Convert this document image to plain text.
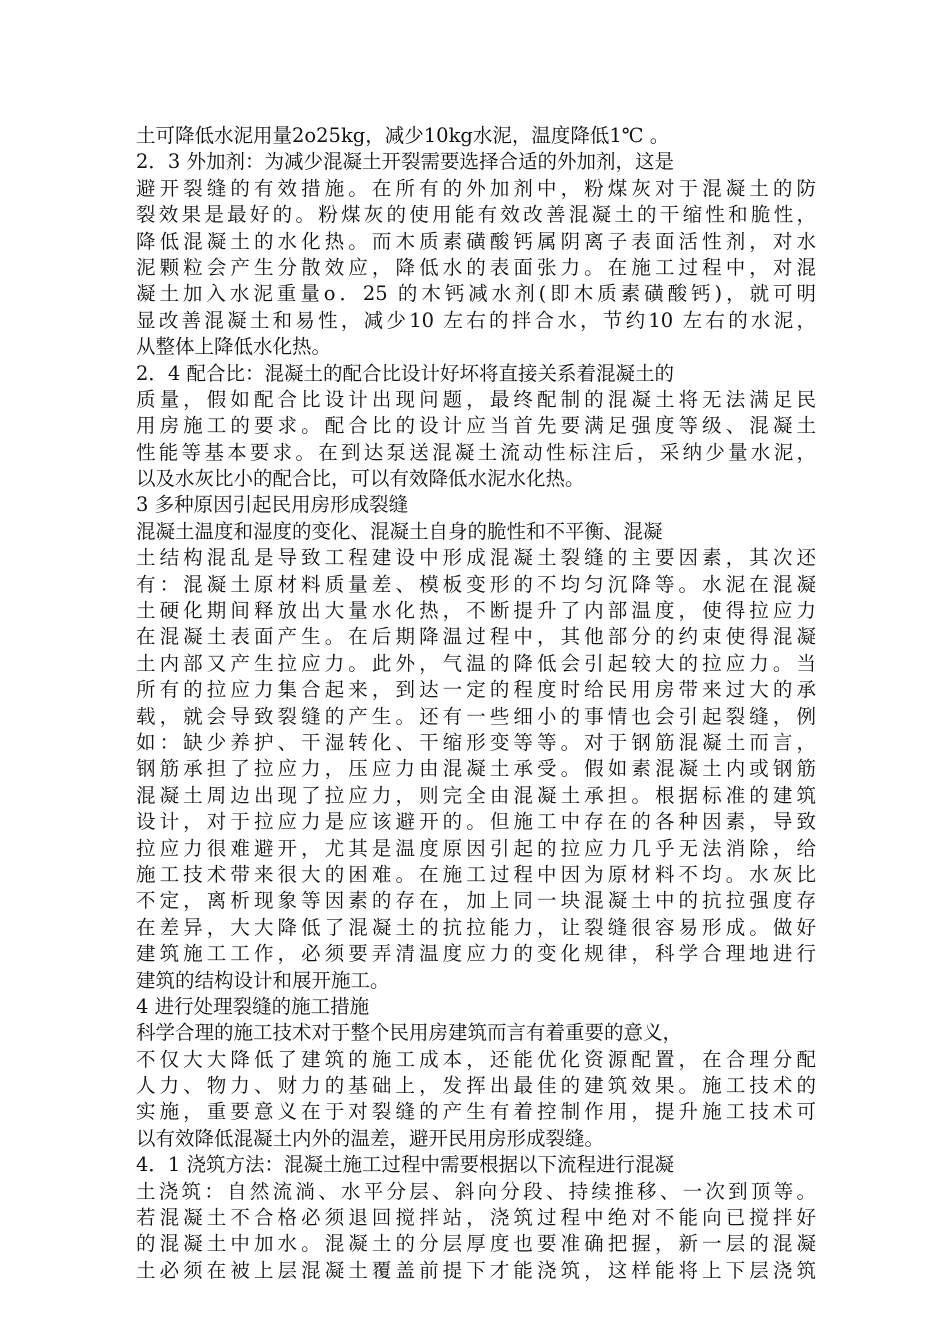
土可降低水泥用量2o25kg，减少10kg水泥，温度降低1℃ 。
2．3 外加剂：为减少混凝土开裂需要选择合适的外加剂，这是
避开裂缝的有效措施。在所有的外加剂中，粉煤灰对于混凝土的防
裂效果是最好的。粉煤灰的使用能有效改善混凝土的干缩性和脆性，
降低混凝土的水化热。而木质素磺酸钙属阴离子表面活性剂，对水
泥颗粒会产生分散效应，降低水的表面张力。在施工过程中，对混
凝土加入水泥重量o．25 的木钙减水剂(即木质素磺酸钙)，就可明
显改善混凝土和易性，减少10 左右的拌合水，节约10 左右的水泥，
从整体上降低水化热。
2．4 配合比：混凝土的配合比设计好坏将直接关系着混凝土的
质量，假如配合比设计出现问题，最终配制的混凝土将无法满足民
用房施工的要求。配合比的设计应当首先要满足强度等级、混凝土
性能等基本要求。在到达泵送混凝土流动性标注后，采纳少量水泥，
以及水灰比小的配合比，可以有效降低水泥水化热。
3 多种原因引起民用房形成裂缝
混凝土温度和湿度的变化、混凝土自身的脆性和不平衡、混凝
土结构混乱是导致工程建设中形成混凝土裂缝的主要因素，其次还
有：混凝土原材料质量差、模板变形的不均匀沉降等。水泥在混凝
土硬化期间释放出大量水化热，不断提升了内部温度，使得拉应力
在混凝土表面产生。在后期降温过程中，其他部分的约束使得混凝
土内部又产生拉应力。此外，气温的降低会引起较大的拉应力。当
所有的拉应力集合起来，到达一定的程度时给民用房带来过大的承
载，就会导致裂缝的产生。还有一些细小的事情也会引起裂缝，例
如：缺少养护、干湿转化、干缩形变等等。对于钢筋混凝土而言，
钢筋承担了拉应力，压应力由混凝土承受。假如素混凝土内或钢筋
混凝土周边出现了拉应力，则完全由混凝土承担。根据标准的建筑
设计，对于拉应力是应该避开的。但施工中存在的各种因素，导致
拉应力很难避开，尤其是温度原因引起的拉应力几乎无法消除，给
施工技术带来很大的困难。在施工过程中因为原材料不均。水灰比
不定，离析现象等因素的存在，加上同一块混凝土中的抗拉强度存
在差异，大大降低了混凝土的抗拉能力，让裂缝很容易形成。做好
建筑施工工作，必须要弄清温度应力的变化规律，科学合理地进行
建筑的结构设计和展开施工。
4 进行处理裂缝的施工措施
科学合理的施工技术对于整个民用房建筑而言有着重要的意义，
不仅大大降低了建筑的施工成本，还能优化资源配置，在合理分配
人力、物力、财力的基础上，发挥出最佳的建筑效果。施工技术的
实施，重要意义在于对裂缝的产生有着控制作用，提升施工技术可
以有效降低混凝土内外的温差，避开民用房形成裂缝。
4．1 浇筑方法：混凝土施工过程中需要根据以下流程进行混凝
土浇筑：自然流淌、水平分层、斜向分段、持续推移、一次到顶等。
若混凝土不合格必须退回搅拌站，浇筑过程中绝对不能向已搅拌好
的混凝土中加水。混凝土的分层厚度也要准确把握，新一层的混凝
土必须在被上层混凝土覆盖前提下才能浇筑，这样能将上下层浇筑
